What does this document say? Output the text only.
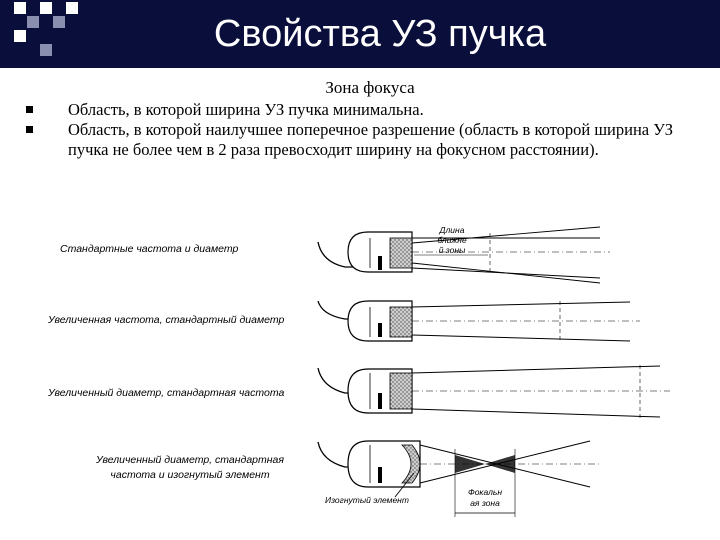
Свойства УЗ пучка
Зона фокуса
Область, в которой ширина УЗ пучка минимальна.
Область, в которой наилучшее поперечное разрешение (область в которой ширина УЗ пучка не более чем в 2 раза превосходит ширину на фокусном расстоянии).
Стандартные частота и диаметр
Длина
ближне
й зоны
Увеличенная частота, стандартный диаметр
Увеличенный диаметр, стандартная частота
Увеличенный диаметр, стандартная
частота и изогнутый элемент
Изогнутый элемент
Фокальн
ая зона
